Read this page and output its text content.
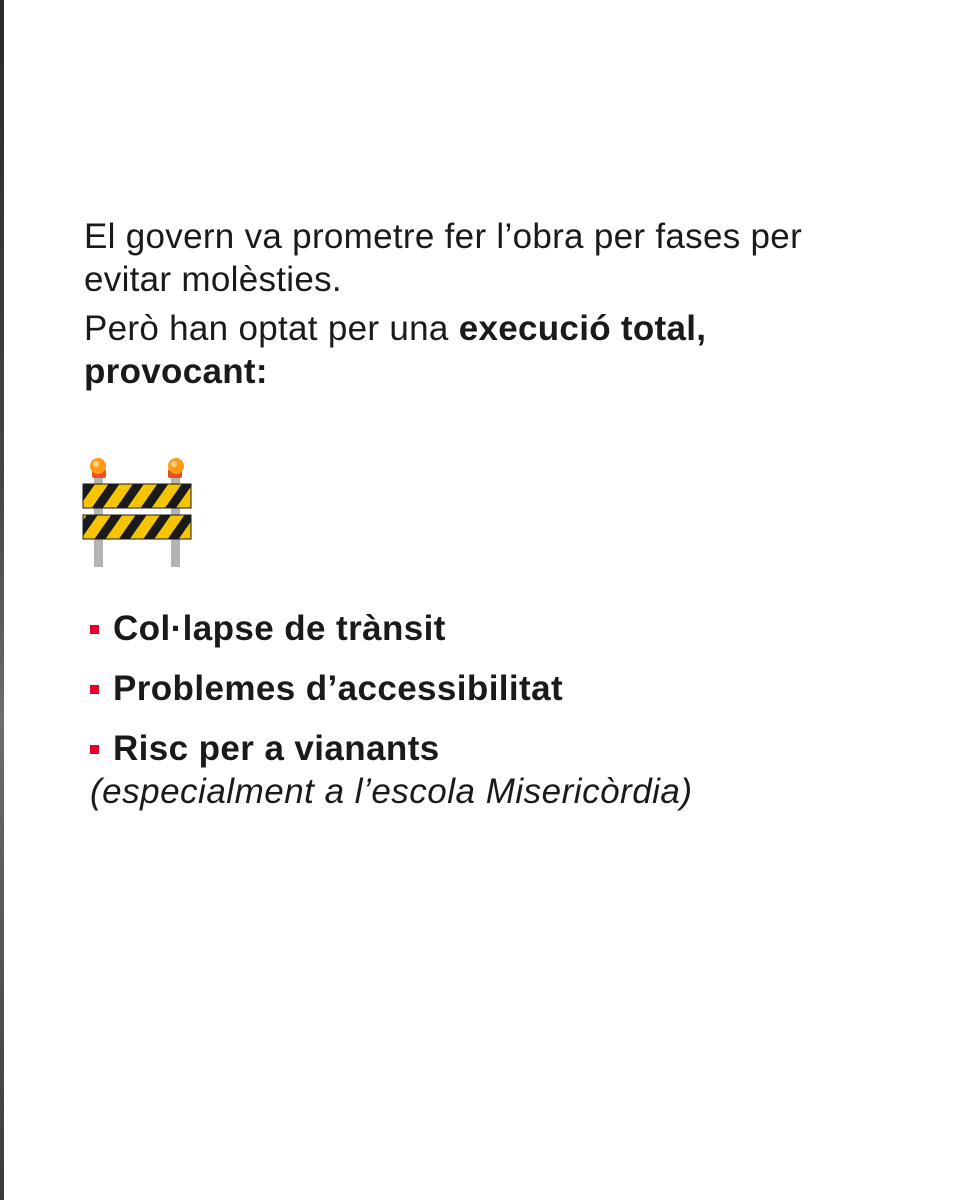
El govern va prometre fer l’obra per fases per evitar molèsties.

Però han optat per una execució total, provocant:

Col·lapse de trànsit
Problemes d’accessibilitat
Risc per a vianants

(especialment a l’escola Misericòrdia)
